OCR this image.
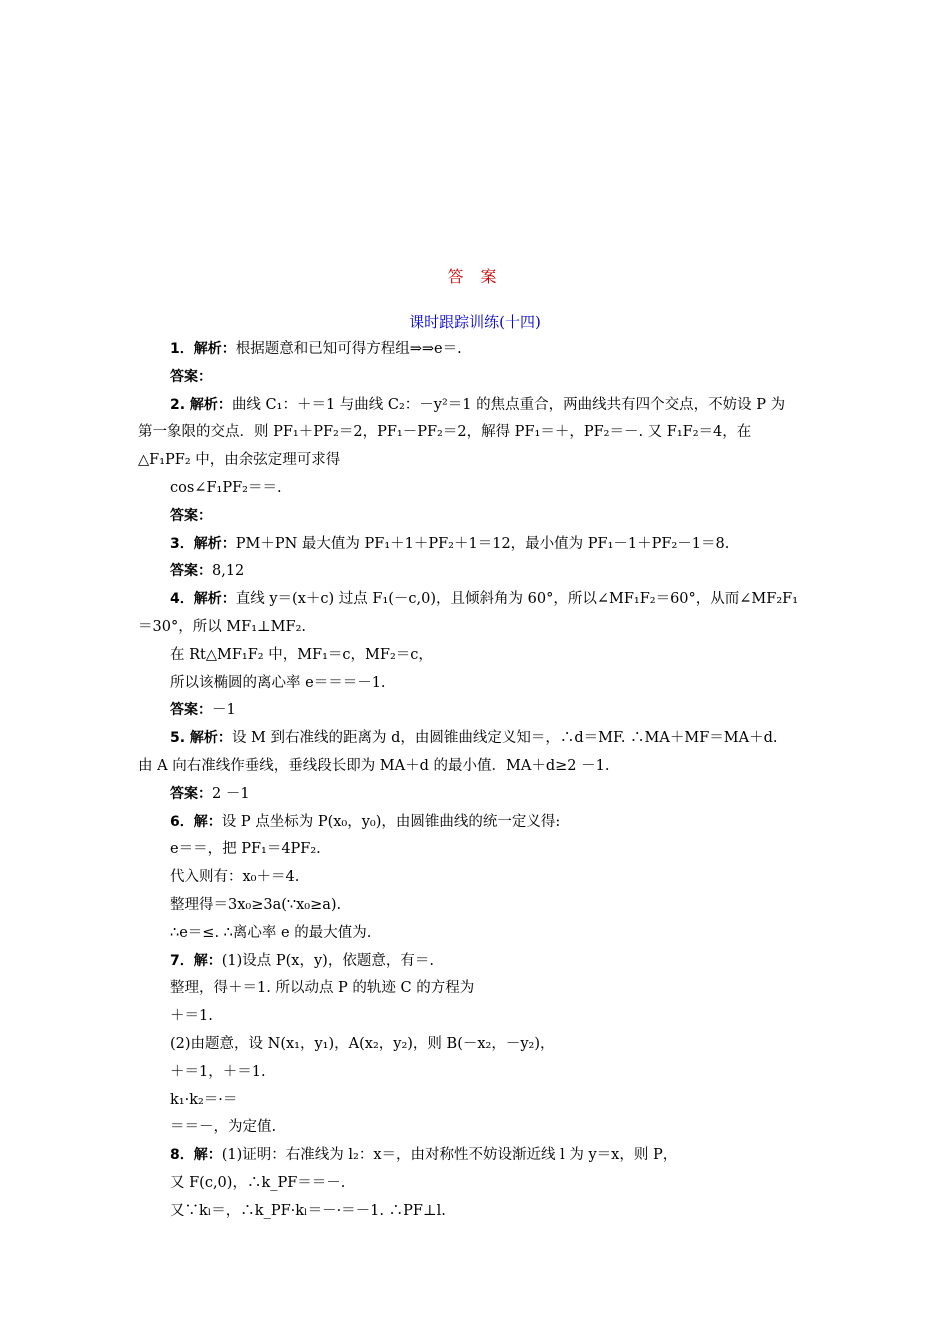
答 案
课时跟踪训练(十四)

1．解析：根据题意和已知可得方程组⇒⇒e＝.

答案：

2. 解析：曲线 C₁：＋＝1 与曲线 C₂：－y²＝1 的焦点重合，两曲线共有四个交点，不妨设 P 为

第一象限的交点．则 PF₁＋PF₂＝2，PF₁－PF₂＝2，解得 PF₁＝＋，PF₂＝－. 又 F₁F₂＝4，在

△F₁PF₂ 中，由余弦定理可求得

cos∠F₁PF₂＝＝.

答案：

3．解析：PM＋PN 最大值为 PF₁＋1＋PF₂＋1＝12，最小值为 PF₁－1＋PF₂－1＝8.

答案：8,12

4．解析：直线 y＝(x＋c) 过点 F₁(－c,0)，且倾斜角为 60°，所以∠MF₁F₂＝60°，从而∠MF₂F₁

＝30°，所以 MF₁⊥MF₂.

在 Rt△MF₁F₂ 中，MF₁＝c，MF₂＝c，

所以该椭圆的离心率 e＝＝＝－1.

答案：－1

5. 解析：设 M 到右准线的距离为 d，由圆锥曲线定义知＝，∴d＝MF. ∴MA＋MF＝MA＋d.

由 A 向右准线作垂线，垂线段长即为 MA＋d 的最小值．MA＋d≥2 －1.

答案：2 －1

6．解：设 P 点坐标为 P(x₀，y₀)，由圆锥曲线的统一定义得:

e＝＝，把 PF₁＝4PF₂.

代入则有：x₀＋＝4.

整理得＝3x₀≥3a(∵x₀≥a).

∴e＝≤. ∴离心率 e 的最大值为.

7．解：(1)设点 P(x，y)，依题意，有＝.

整理，得＋＝1. 所以动点 P 的轨迹 C 的方程为

＋＝1.

(2)由题意，设 N(x₁，y₁)，A(x₂，y₂)，则 B(－x₂，－y₂)，

＋＝1，＋＝1.

k₁·k₂＝·＝

＝＝－，为定值.

8．解：(1)证明：右准线为 l₂：x＝，由对称性不妨设渐近线 l 为 y＝x，则 P，

又 F(c,0)，∴k_PF＝＝－.

又∵kₗ＝，∴k_PF·kₗ＝－·＝－1. ∴PF⊥l.
